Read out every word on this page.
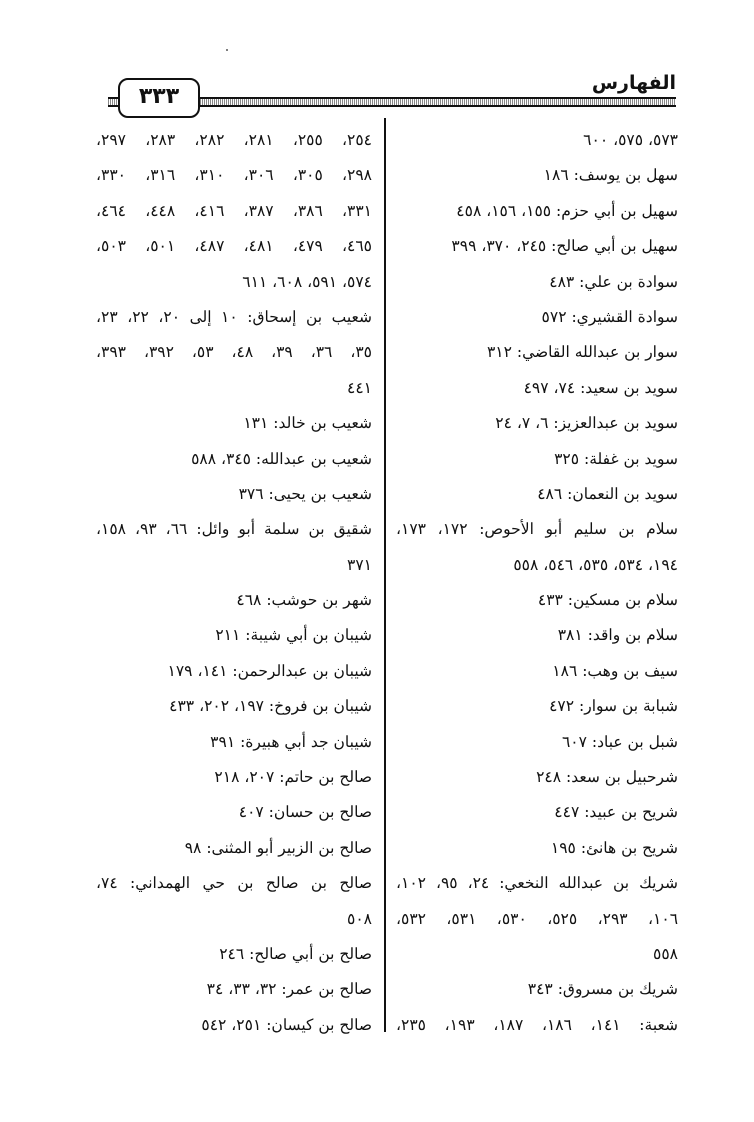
الفهارس
٣٣٣
٥٧٣، ٥٧٥، ٦٠٠
سهل بن يوسف: ١٨٦
سهيل بن أبي حزم: ١٥٥، ١٥٦، ٤٥٨
سهيل بن أبي صالح: ٢٤٥، ٣٧٠، ٣٩٩
سوادة بن علي: ٤٨٣
سوادة القشيري: ٥٧٢
سوار بن عبدالله القاضي: ٣١٢
سويد بن سعيد: ٧٤، ٤٩٧
سويد بن عبدالعزيز: ٦، ٧، ٢٤
سويد بن غفلة: ٣٢٥
سويد بن النعمان: ٤٨٦
سلام بن سليم أبو الأحوص: ١٧٢، ١٧٣،
١٩٤، ٥٣٤، ٥٣٥، ٥٤٦، ٥٥٨
سلام بن مسكين: ٤٣٣
سلام بن واقد: ٣٨١
سيف بن وهب: ١٨٦
شبابة بن سوار: ٤٧٢
شبل بن عباد: ٦٠٧
شرحبيل بن سعد: ٢٤٨
شريح بن عبيد: ٤٤٧
شريح بن هانئ: ١٩٥
شريك بن عبدالله النخعي: ٢٤، ٩٥، ١٠٢،
١٠٦، ٢٩٣، ٥٢٥، ٥٣٠، ٥٣١، ٥٣٢،
٥٥٨
شريك بن مسروق: ٣٤٣
شعبة: ١٤١، ١٨٦، ١٨٧، ١٩٣، ٢٣٥،
٢٥٤، ٢٥٥، ٢٨١، ٢٨٢، ٢٨٣، ٢٩٧،
٢٩٨، ٣٠٥، ٣٠٦، ٣١٠، ٣١٦، ٣٣٠،
٣٣١، ٣٨٦، ٣٨٧، ٤١٦، ٤٤٨، ٤٦٤،
٤٦٥، ٤٧٩، ٤٨١، ٤٨٧، ٥٠١، ٥٠٣،
٥٧٤، ٥٩١، ٦٠٨، ٦١١
شعيب بن إسحاق: ١٠ إلى ٢٠، ٢٢، ٢٣،
٣٥، ٣٦، ٣٩، ٤٨، ٥٣، ٣٩٢، ٣٩٣،
٤٤١
شعيب بن خالد: ١٣١
شعيب بن عبدالله: ٣٤٥، ٥٨٨
شعيب بن يحيى: ٣٧٦
شقيق بن سلمة أبو وائل: ٦٦، ٩٣، ١٥٨،
٣٧١
شهر بن حوشب: ٤٦٨
شيبان بن أبي شيبة: ٢١١
شيبان بن عبدالرحمن: ١٤١، ١٧٩
شيبان بن فروخ: ١٩٧، ٢٠٢، ٤٣٣
شيبان جد أبي هبيرة: ٣٩١
صالح بن حاتم: ٢٠٧، ٢١٨
صالح بن حسان: ٤٠٧
صالح بن الزبير أبو المثنى: ٩٨
صالح بن صالح بن حي الهمداني: ٧٤،
٥٠٨
صالح بن أبي صالح: ٢٤٦
صالح بن عمر: ٣٢، ٣٣، ٣٤
صالح بن كيسان: ٢٥١، ٥٤٢
